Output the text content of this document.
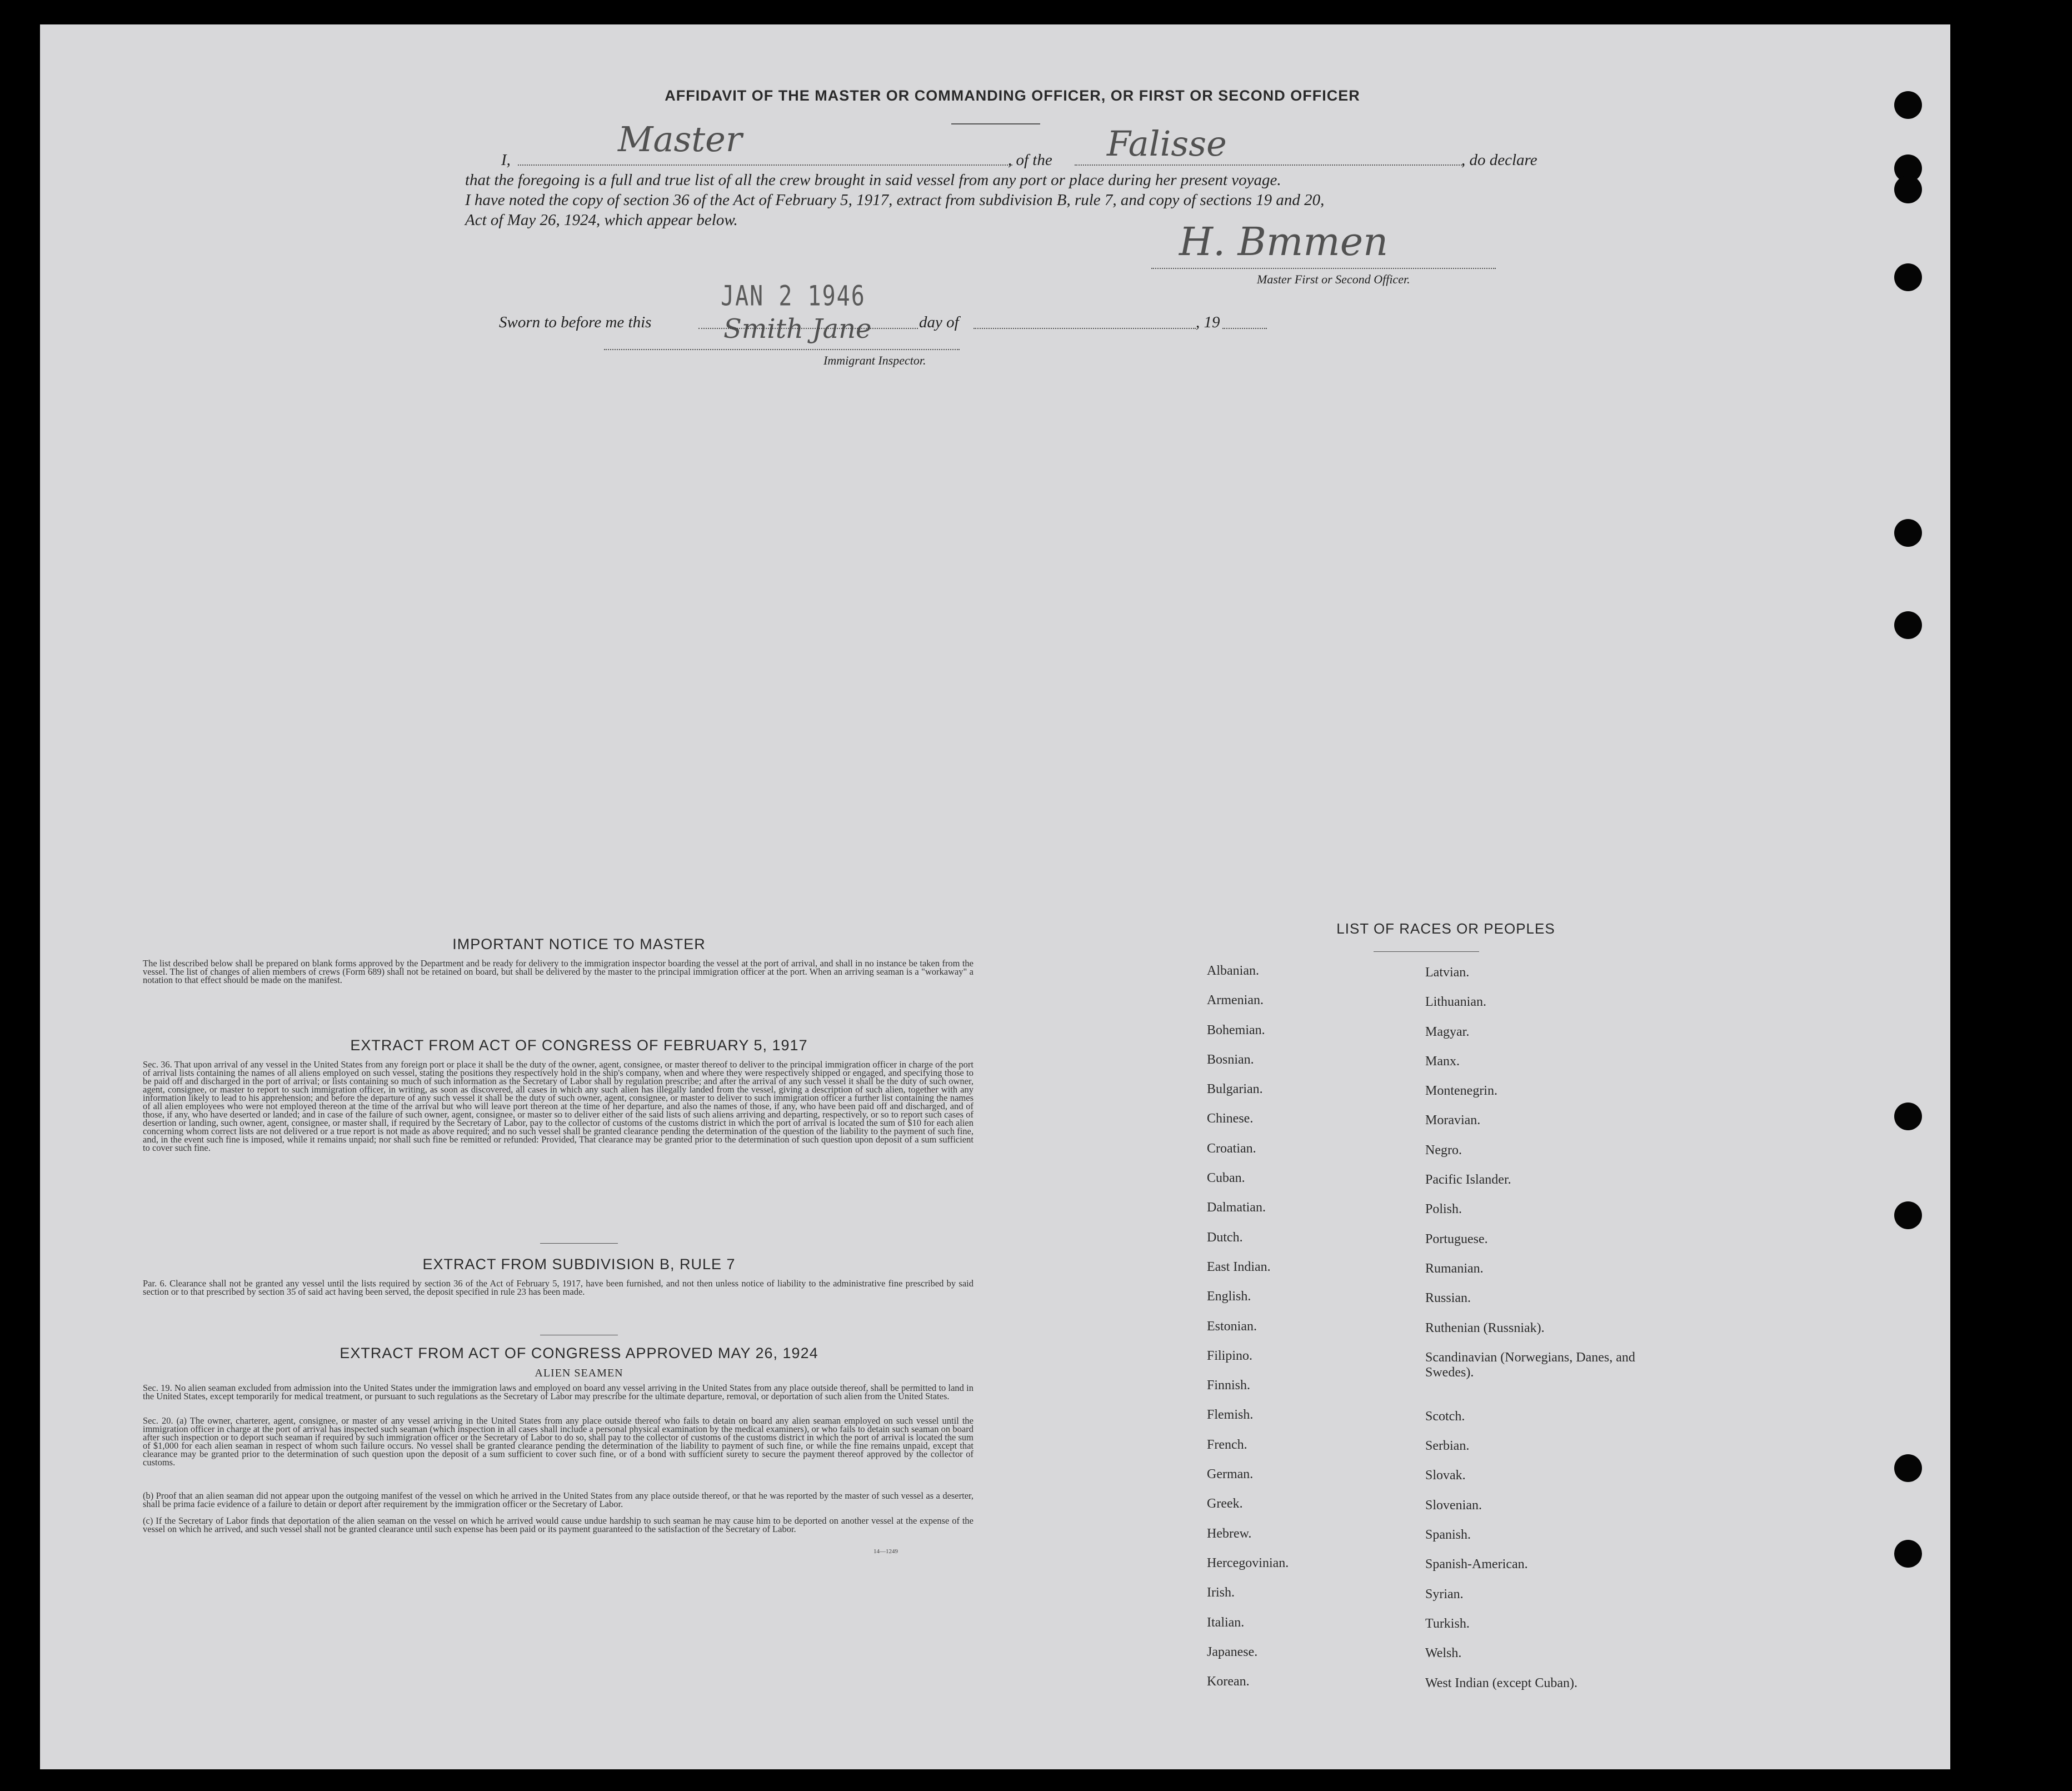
AFFIDAVIT OF THE MASTER OR COMMANDING OFFICER, OR FIRST OR SECOND OFFICER
I,
Master
, of the Falisse	, do declare
that the foregoing is a full and true list of all the crew brought in said vessel from any port or place during her present voyage.
I have noted the copy of section 36 of the Act of February 5, 1917, extract from subdivision B, rule 7, and copy of sections 19 and 20,
Act of May 26, 1924, which appear below.	H. Bmmen
Master First or Second Officer.
JAN 2 1946
Sworn to before me this	day of	, 19
Smith Jane
Immigrant Inspector.
IMPORTANT NOTICE TO MASTER
The list described below shall be prepared on blank forms approved by the Department and be ready for delivery to the immigration inspector boarding the vessel at the port of arrival, and shall in no instance be taken from the vessel. The list of changes of alien members of crews (Form 689) shall not be retained on board, but shall be delivered by the master to the principal immigration officer at the port. When an arriving seaman is a "workaway" a notation to that effect should be made on the manifest.
EXTRACT FROM ACT OF CONGRESS OF FEBRUARY 5, 1917
Sec. 36. That upon arrival of any vessel in the United States from any foreign port or place it shall be the duty of the owner, agent, consignee, or master thereof to deliver to the principal immigration officer in charge of the port of arrival lists containing the names of all aliens employed on such vessel, stating the positions they respectively hold in the ship's company, when and where they were respectively shipped or engaged, and specifying those to be paid off and discharged in the port of arrival; or lists containing so much of such information as the Secretary of Labor shall by regulation prescribe; and after the arrival of any such vessel it shall be the duty of such owner, agent, consignee, or master to report to such immigration officer, in writing, as soon as discovered, all cases in which any such alien has illegally landed from the vessel, giving a description of such alien, together with any information likely to lead to his apprehension; and before the departure of any such vessel it shall be the duty of such owner, agent, consignee, or master to deliver to such immigration officer a further list containing the names of all alien employees who were not employed thereon at the time of the arrival but who will leave port thereon at the time of her departure, and also the names of those, if any, who have been paid off and discharged, and of those, if any, who have deserted or landed; and in case of the failure of such owner, agent, consignee, or master so to deliver either of the said lists of such aliens arriving and departing, respectively, or so to report such cases of desertion or landing, such owner, agent, consignee, or master shall, if required by the Secretary of Labor, pay to the collector of customs of the customs district in which the port of arrival is located the sum of $10 for each alien concerning whom correct lists are not delivered or a true report is not made as above required; and no such vessel shall be granted clearance pending the determination of the question of the liability to the payment of such fine, and, in the event such fine is imposed, while it remains unpaid; nor shall such fine be remitted or refunded: Provided, That clearance may be granted prior to the determination of such question upon deposit of a sum sufficient to cover such fine.
EXTRACT FROM SUBDIVISION B, RULE 7
Par. 6. Clearance shall not be granted any vessel until the lists required by section 36 of the Act of February 5, 1917, have been furnished, and not then unless notice of liability to the administrative fine prescribed by said section or to that prescribed by section 35 of said act having been served, the deposit specified in rule 23 has been made.
EXTRACT FROM ACT OF CONGRESS APPROVED MAY 26, 1924
ALIEN SEAMEN
Sec. 19. No alien seaman excluded from admission into the United States under the immigration laws and employed on board any vessel arriving in the United States from any place outside thereof, shall be permitted to land in the United States, except temporarily for medical treatment, or pursuant to such regulations as the Secretary of Labor may prescribe for the ultimate departure, removal, or deportation of such alien from the United States.
Sec. 20. (a) The owner, charterer, agent, consignee, or master of any vessel arriving in the United States from any place outside thereof who fails to detain on board any alien seaman employed on such vessel until the immigration officer in charge at the port of arrival has inspected such seaman (which inspection in all cases shall include a personal physical examination by the medical examiners), or who fails to detain such seaman on board after such inspection or to deport such seaman if required by such immigration officer or the Secretary of Labor to do so, shall pay to the collector of customs of the customs district in which the port of arrival is located the sum of $1,000 for each alien seaman in respect of whom such failure occurs. No vessel shall be granted clearance pending the determination of the liability to payment of such fine, or while the fine remains unpaid, except that clearance may be granted prior to the determination of such question upon the deposit of a sum sufficient to cover such fine, or of a bond with sufficient surety to secure the payment thereof approved by the collector of customs.
(b) Proof that an alien seaman did not appear upon the outgoing manifest of the vessel on which he arrived in the United States from any place outside thereof, or that he was reported by the master of such vessel as a deserter, shall be prima facie evidence of a failure to detain or deport after requirement by the immigration officer or the Secretary of Labor.
(c) If the Secretary of Labor finds that deportation of the alien seaman on the vessel on which he arrived would cause undue hardship to such seaman he may cause him to be deported on another vessel at the expense of the vessel on which he arrived, and such vessel shall not be granted clearance until such expense has been paid or its payment guaranteed to the satisfaction of the Secretary of Labor.
14—1249
LIST OF RACES OR PEOPLES
Albanian.
Armenian.
Bohemian.
Bosnian.
Bulgarian.
Chinese.
Croatian.
Cuban.
Dalmatian.
Dutch.
East Indian.
English.
Estonian.
Filipino.
Finnish.
Flemish.
French.
German.
Greek.
Hebrew.
Hercegovinian.
Irish.
Italian.
Japanese.
Korean.
Latvian.
Lithuanian.
Magyar.
Manx.
Montenegrin.
Moravian.
Negro.
Pacific Islander.
Polish.
Portuguese.
Rumanian.
Russian.
Ruthenian (Russniak).
Scandinavian (Norwegians, Danes, and Swedes).
Scotch.
Serbian.
Slovak.
Slovenian.
Spanish.
Spanish-American.
Syrian.
Turkish.
Welsh.
West Indian (except Cuban).
